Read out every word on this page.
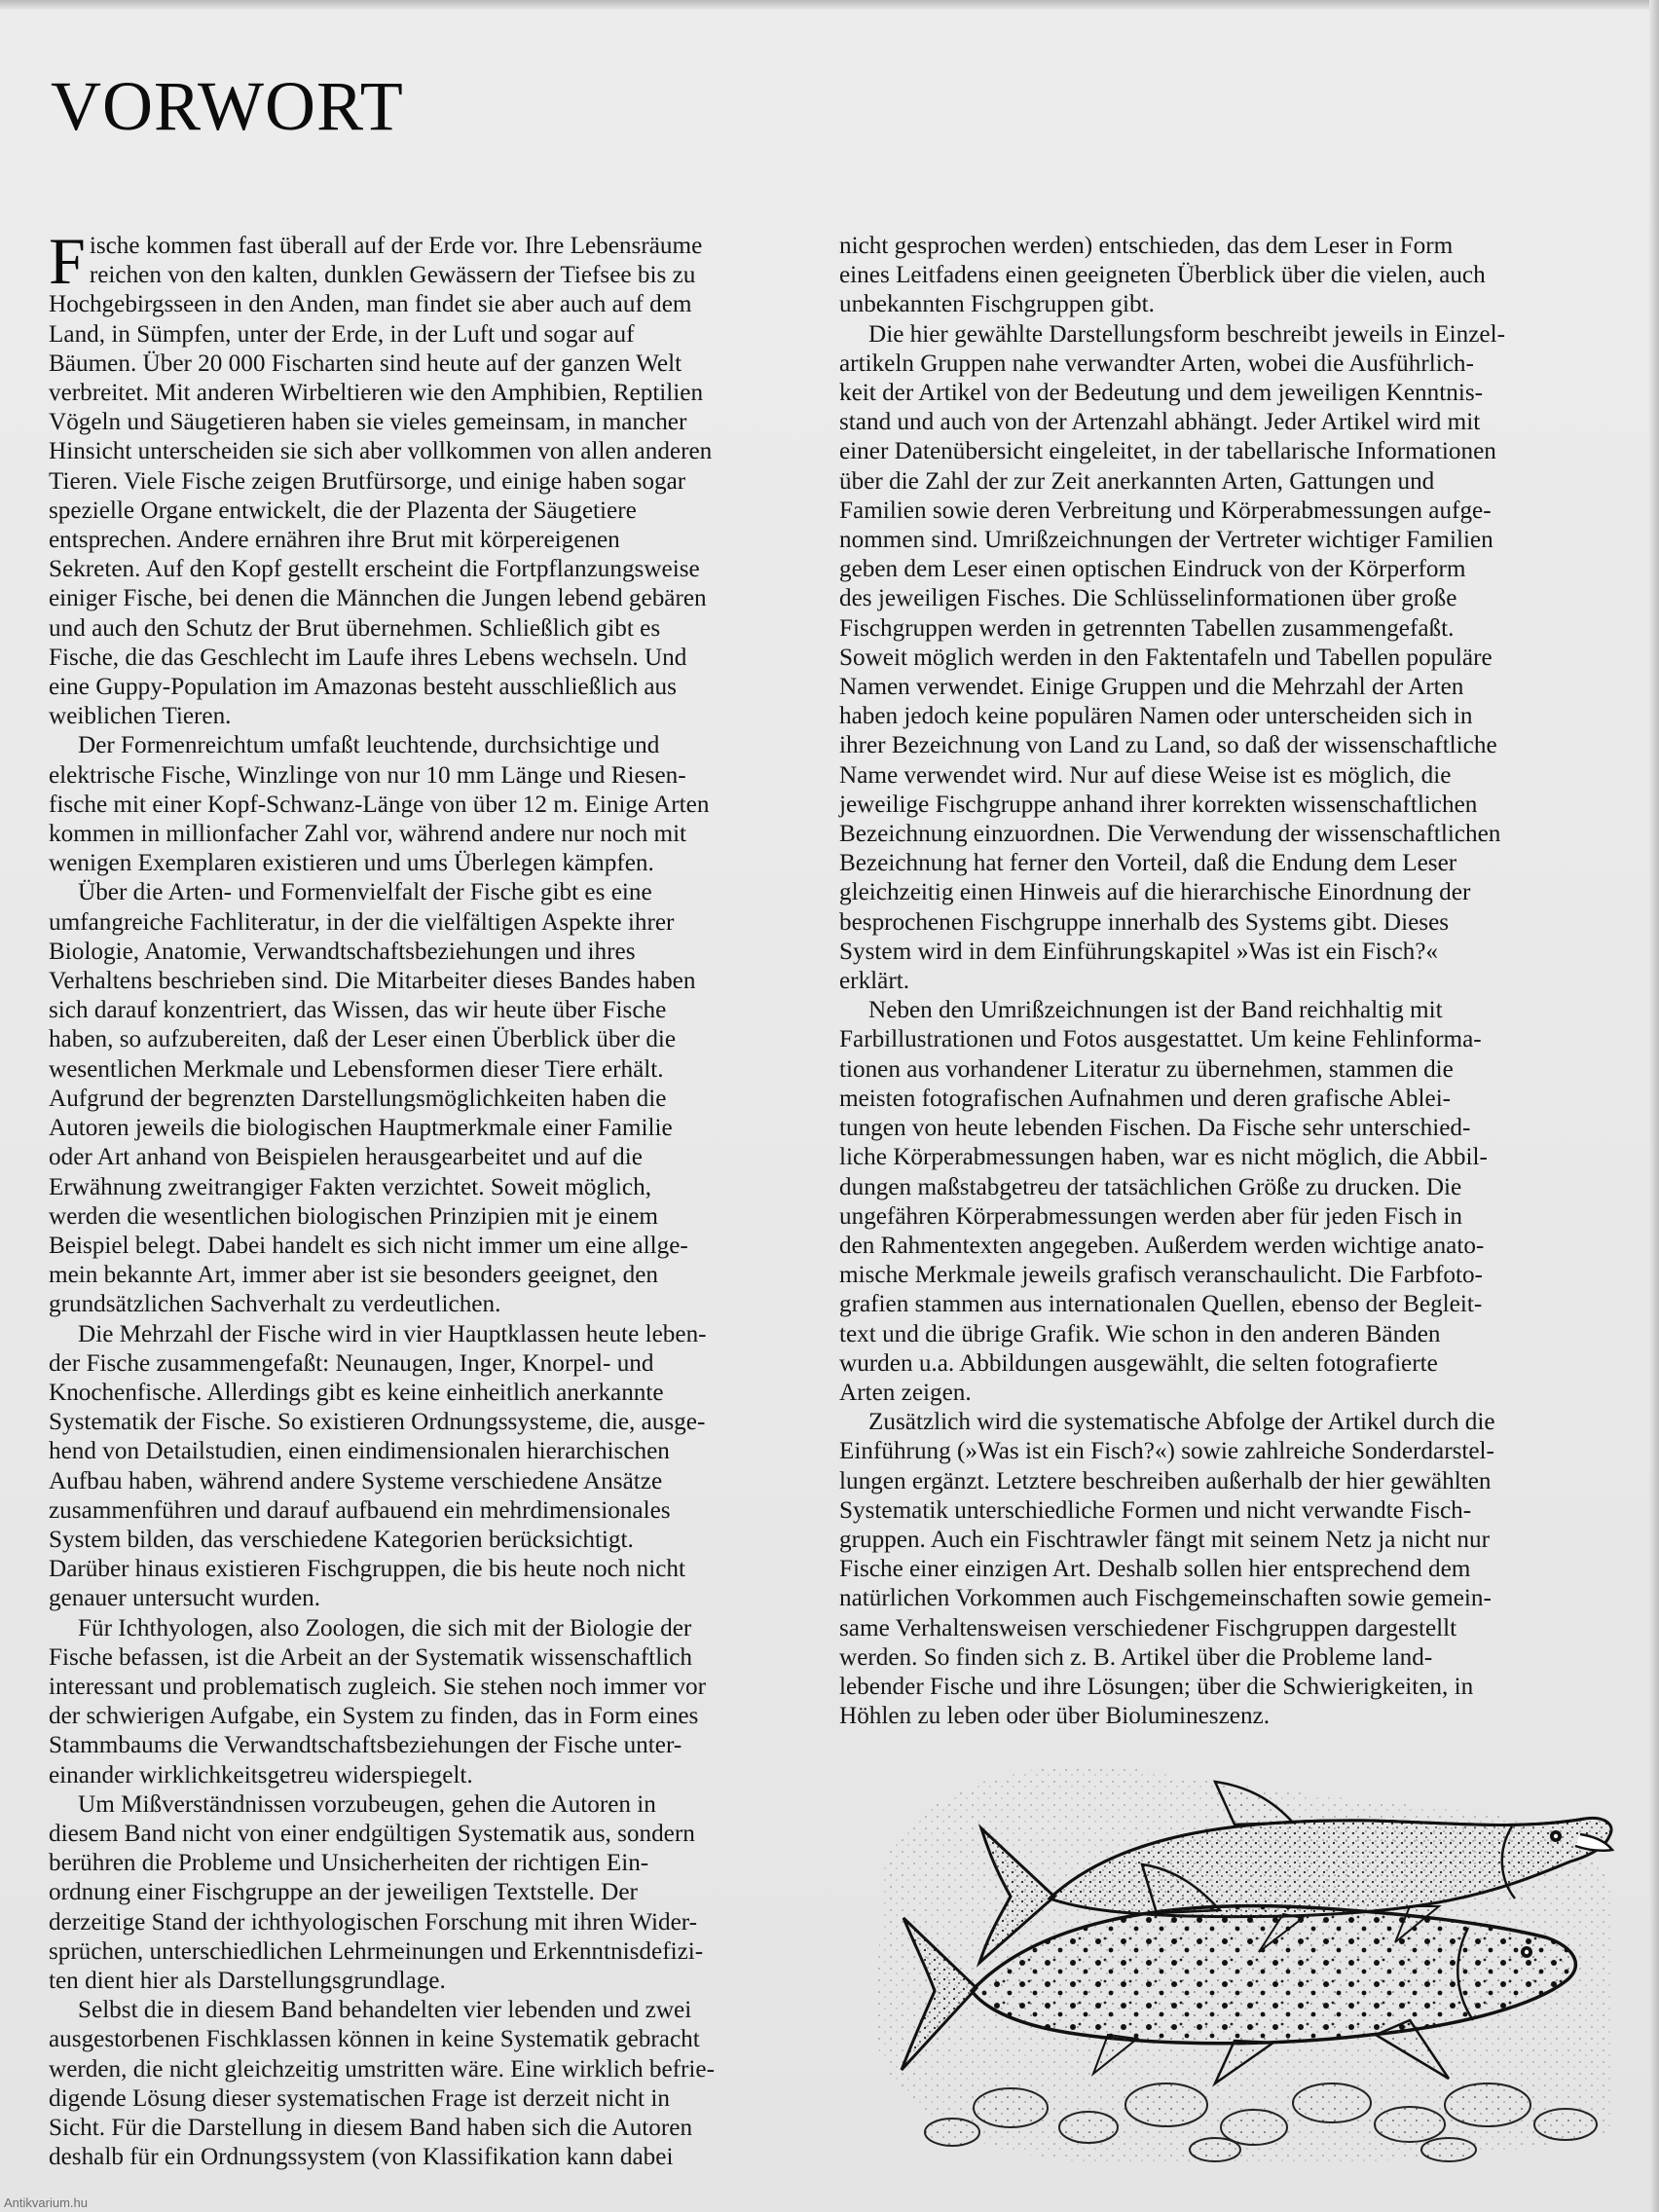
VORWORT

Fische kommen fast überall auf der Erde vor. Ihre Lebensräume
reichen von den kalten, dunklen Gewässern der Tiefsee bis zu
Hochgebirgsseen in den Anden, man findet sie aber auch auf dem
Land, in Sümpfen, unter der Erde, in der Luft und sogar auf
Bäumen. Über 20 000 Fischarten sind heute auf der ganzen Welt
verbreitet. Mit anderen Wirbeltieren wie den Amphibien, Reptilien
Vögeln und Säugetieren haben sie vieles gemeinsam, in mancher
Hinsicht unterscheiden sie sich aber vollkommen von allen anderen
Tieren. Viele Fische zeigen Brutfürsorge, und einige haben sogar
spezielle Organe entwickelt, die der Plazenta der Säugetiere
entsprechen. Andere ernähren ihre Brut mit körpereigenen
Sekreten. Auf den Kopf gestellt erscheint die Fortpflanzungsweise
einiger Fische, bei denen die Männchen die Jungen lebend gebären
und auch den Schutz der Brut übernehmen. Schließlich gibt es
Fische, die das Geschlecht im Laufe ihres Lebens wechseln. Und
eine Guppy-Population im Amazonas besteht ausschließlich aus
weiblichen Tieren.

Der Formenreichtum umfaßt leuchtende, durchsichtige und
elektrische Fische, Winzlinge von nur 10 mm Länge und Riesen-
fische mit einer Kopf-Schwanz-Länge von über 12 m. Einige Arten
kommen in millionfacher Zahl vor, während andere nur noch mit
wenigen Exemplaren existieren und ums Überlegen kämpfen.

Über die Arten- und Formenvielfalt der Fische gibt es eine
umfangreiche Fachliteratur, in der die vielfältigen Aspekte ihrer
Biologie, Anatomie, Verwandtschaftsbeziehungen und ihres
Verhaltens beschrieben sind. Die Mitarbeiter dieses Bandes haben
sich darauf konzentriert, das Wissen, das wir heute über Fische
haben, so aufzubereiten, daß der Leser einen Überblick über die
wesentlichen Merkmale und Lebensformen dieser Tiere erhält.
Aufgrund der begrenzten Darstellungsmöglichkeiten haben die
Autoren jeweils die biologischen Hauptmerkmale einer Familie
oder Art anhand von Beispielen herausgearbeitet und auf die
Erwähnung zweitrangiger Fakten verzichtet. Soweit möglich,
werden die wesentlichen biologischen Prinzipien mit je einem
Beispiel belegt. Dabei handelt es sich nicht immer um eine allge-
mein bekannte Art, immer aber ist sie besonders geeignet, den
grundsätzlichen Sachverhalt zu verdeutlichen.

Die Mehrzahl der Fische wird in vier Hauptklassen heute leben-
der Fische zusammengefaßt: Neunaugen, Inger, Knorpel- und
Knochenfische. Allerdings gibt es keine einheitlich anerkannte
Systematik der Fische. So existieren Ordnungssysteme, die, ausge-
hend von Detailstudien, einen eindimensionalen hierarchischen
Aufbau haben, während andere Systeme verschiedene Ansätze
zusammenführen und darauf aufbauend ein mehrdimensionales
System bilden, das verschiedene Kategorien berücksichtigt.
Darüber hinaus existieren Fischgruppen, die bis heute noch nicht
genauer untersucht wurden.

Für Ichthyologen, also Zoologen, die sich mit der Biologie der
Fische befassen, ist die Arbeit an der Systematik wissenschaftlich
interessant und problematisch zugleich. Sie stehen noch immer vor
der schwierigen Aufgabe, ein System zu finden, das in Form eines
Stammbaums die Verwandtschaftsbeziehungen der Fische unter-
einander wirklichkeitsgetreu widerspiegelt.

Um Mißverständnissen vorzubeugen, gehen die Autoren in
diesem Band nicht von einer endgültigen Systematik aus, sondern
berühren die Probleme und Unsicherheiten der richtigen Ein-
ordnung einer Fischgruppe an der jeweiligen Textstelle. Der
derzeitige Stand der ichthyologischen Forschung mit ihren Wider-
sprüchen, unterschiedlichen Lehrmeinungen und Erkenntnisdefizi-
ten dient hier als Darstellungsgrundlage.

Selbst die in diesem Band behandelten vier lebenden und zwei
ausgestorbenen Fischklassen können in keine Systematik gebracht
werden, die nicht gleichzeitig umstritten wäre. Eine wirklich befrie-
digende Lösung dieser systematischen Frage ist derzeit nicht in
Sicht. Für die Darstellung in diesem Band haben sich die Autoren
deshalb für ein Ordnungssystem (von Klassifikation kann dabei

nicht gesprochen werden) entschieden, das dem Leser in Form
eines Leitfadens einen geeigneten Überblick über die vielen, auch
unbekannten Fischgruppen gibt.

Die hier gewählte Darstellungsform beschreibt jeweils in Einzel-
artikeln Gruppen nahe verwandter Arten, wobei die Ausführlich-
keit der Artikel von der Bedeutung und dem jeweiligen Kenntnis-
stand und auch von der Artenzahl abhängt. Jeder Artikel wird mit
einer Datenübersicht eingeleitet, in der tabellarische Informationen
über die Zahl der zur Zeit anerkannten Arten, Gattungen und
Familien sowie deren Verbreitung und Körperabmessungen aufge-
nommen sind. Umrißzeichnungen der Vertreter wichtiger Familien
geben dem Leser einen optischen Eindruck von der Körperform
des jeweiligen Fisches. Die Schlüsselinformationen über große
Fischgruppen werden in getrennten Tabellen zusammengefaßt.
Soweit möglich werden in den Faktentafeln und Tabellen populäre
Namen verwendet. Einige Gruppen und die Mehrzahl der Arten
haben jedoch keine populären Namen oder unterscheiden sich in
ihrer Bezeichnung von Land zu Land, so daß der wissenschaftliche
Name verwendet wird. Nur auf diese Weise ist es möglich, die
jeweilige Fischgruppe anhand ihrer korrekten wissenschaftlichen
Bezeichnung einzuordnen. Die Verwendung der wissenschaftlichen
Bezeichnung hat ferner den Vorteil, daß die Endung dem Leser
gleichzeitig einen Hinweis auf die hierarchische Einordnung der
besprochenen Fischgruppe innerhalb des Systems gibt. Dieses
System wird in dem Einführungskapitel »Was ist ein Fisch?«
erklärt.

Neben den Umrißzeichnungen ist der Band reichhaltig mit
Farbillustrationen und Fotos ausgestattet. Um keine Fehlinforma-
tionen aus vorhandener Literatur zu übernehmen, stammen die
meisten fotografischen Aufnahmen und deren grafische Ablei-
tungen von heute lebenden Fischen. Da Fische sehr unterschied-
liche Körperabmessungen haben, war es nicht möglich, die Abbil-
dungen maßstabgetreu der tatsächlichen Größe zu drucken. Die
ungefähren Körperabmessungen werden aber für jeden Fisch in
den Rahmentexten angegeben. Außerdem werden wichtige anato-
mische Merkmale jeweils grafisch veranschaulicht. Die Farbfoto-
grafien stammen aus internationalen Quellen, ebenso der Begleit-
text und die übrige Grafik. Wie schon in den anderen Bänden
wurden u.a. Abbildungen ausgewählt, die selten fotografierte
Arten zeigen.

Zusätzlich wird die systematische Abfolge der Artikel durch die
Einführung (»Was ist ein Fisch?«) sowie zahlreiche Sonderdarstel-
lungen ergänzt. Letztere beschreiben außerhalb der hier gewählten
Systematik unterschiedliche Formen und nicht verwandte Fisch-
gruppen. Auch ein Fischtrawler fängt mit seinem Netz ja nicht nur
Fische einer einzigen Art. Deshalb sollen hier entsprechend dem
natürlichen Vorkommen auch Fischgemeinschaften sowie gemein-
same Verhaltensweisen verschiedener Fischgruppen dargestellt
werden. So finden sich z. B. Artikel über die Probleme land-
lebender Fische und ihre Lösungen; über die Schwierigkeiten, in
Höhlen zu leben oder über Biolumineszenz.

Antikvarium.hu
